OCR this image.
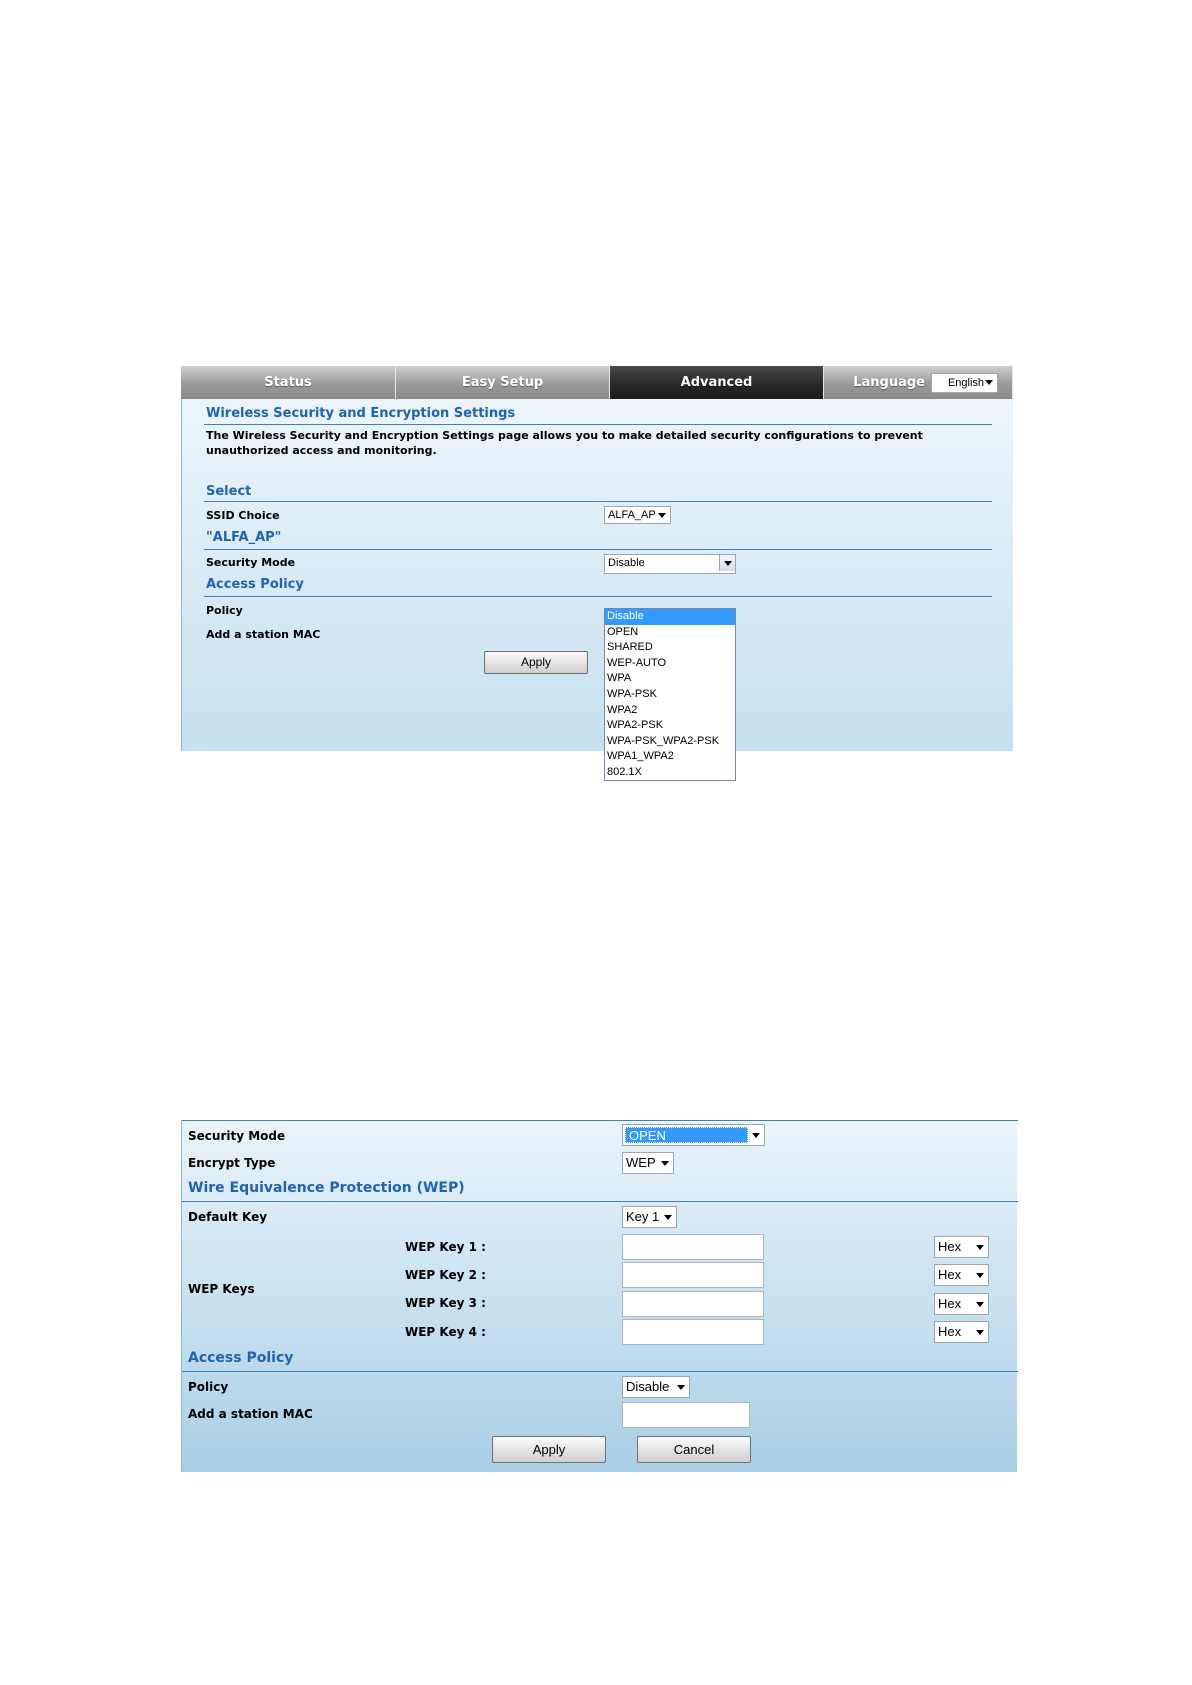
Status	Easy Setup	Advanced	Language	English
Wireless Security and Encryption Settings
The Wireless Security and Encryption Settings page allows you to make detailed security configurations to prevent unauthorized access and monitoring.
Select
SSID Choice	ALFA_AP
"ALFA_AP"
Security Mode	Disable
Access Policy
Policy
Add a station MAC
Apply
Disable
OPEN
SHARED
WEP-AUTO
WPA
WPA-PSK
WPA2
WPA2-PSK
WPA-PSK_WPA2-PSK
WPA1_WPA2
802.1X
Security Mode	OPEN
Encrypt Type	WEP
Wire Equivalence Protection (WEP)
Default Key	Key 1
WEP Keys
WEP Key 1 :	Hex
WEP Key 2 :	Hex
WEP Key 3 :	Hex
WEP Key 4 :	Hex
Access Policy
Policy	Disable
Add a station MAC
Apply	Cancel
